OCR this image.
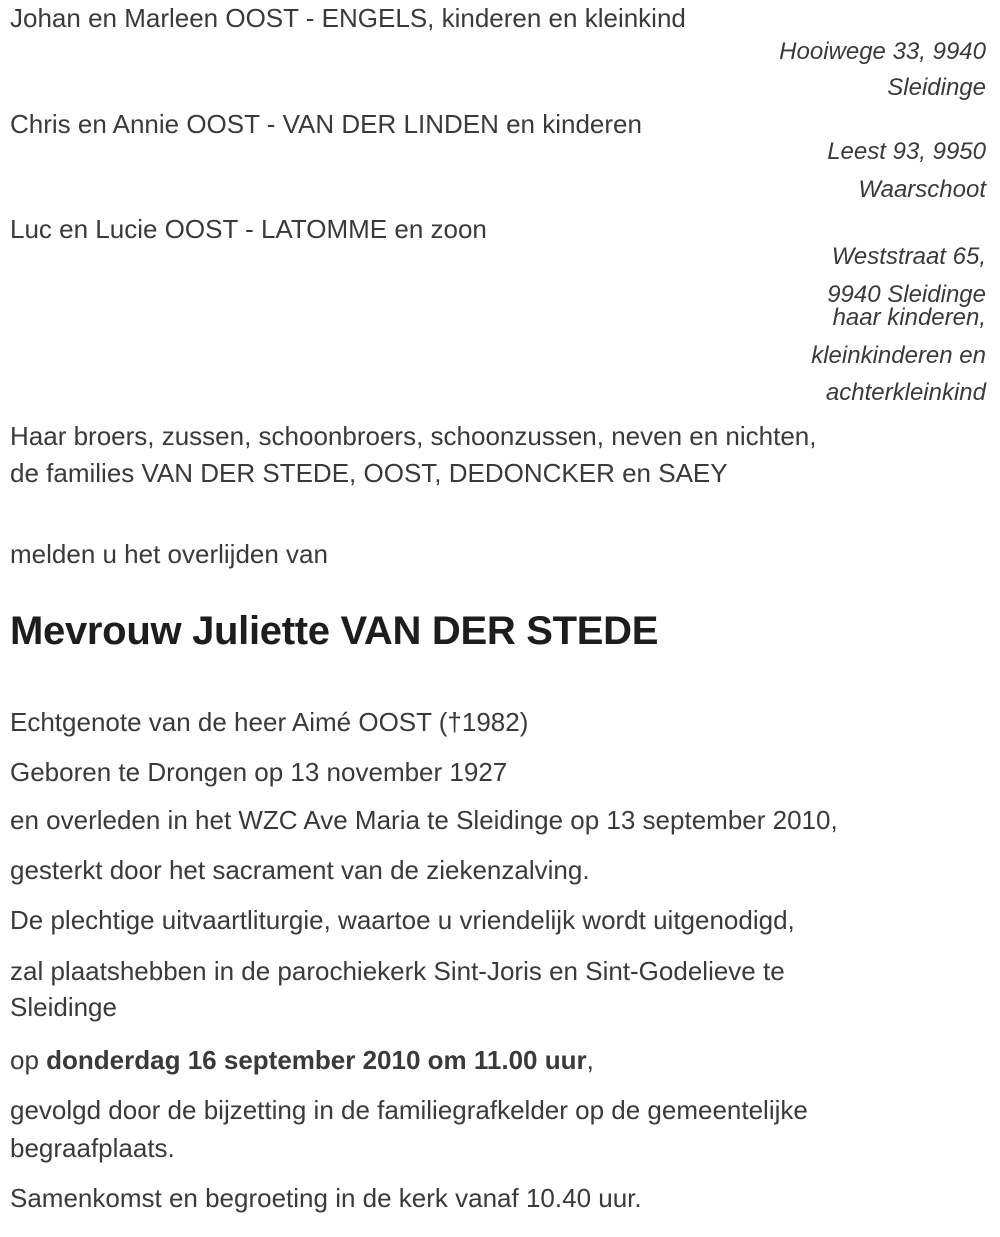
Johan en Marleen OOST - ENGELS, kinderen en kleinkind
Hooiwege 33, 9940
Sleidinge
Chris en Annie OOST - VAN DER LINDEN en kinderen
Leest 93, 9950
Waarschoot
Luc en Lucie OOST - LATOMME en zoon
Weststraat 65,
9940 Sleidinge
haar kinderen,
kleinkinderen en
achterkleinkind
Haar broers, zussen, schoonbroers, schoonzussen, neven en nichten,
de families VAN DER STEDE, OOST, DEDONCKER en SAEY
melden u het overlijden van
Mevrouw Juliette VAN DER STEDE
Echtgenote van de heer Aimé OOST (†1982)
Geboren te Drongen op 13 november 1927
en overleden in het WZC Ave Maria te Sleidinge op 13 september 2010,
gesterkt door het sacrament van de ziekenzalving.
De plechtige uitvaartliturgie, waartoe u vriendelijk wordt uitgenodigd,
zal plaatshebben in de parochiekerk Sint-Joris en Sint-Godelieve te
Sleidinge
op donderdag 16 september 2010 om 11.00 uur,
gevolgd door de bijzetting in de familiegrafkelder op de gemeentelijke
begraafplaats.
Samenkomst en begroeting in de kerk vanaf 10.40 uur.
